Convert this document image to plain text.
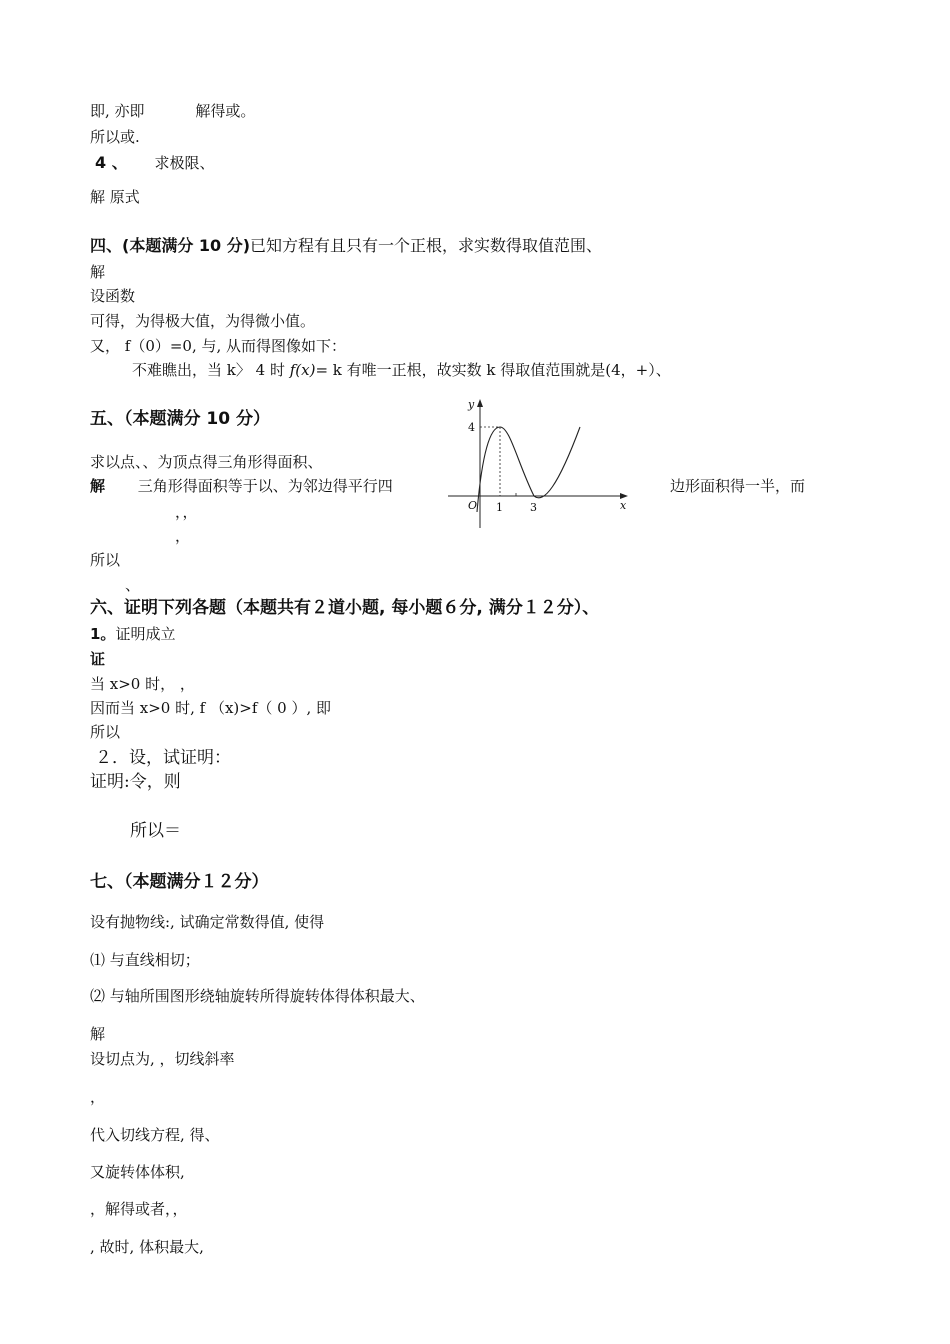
即, 亦即	解得或。
所以或.
4 、 求极限、
解 原式
四、(本题满分 10 分)已知方程有且只有一个正根，求实数得取值范围、
解
设函数
可得，为得极大值，为得微小值。
又， f（0）=0, 与, 从而得图像如下：
不难瞧出，当 k〉 4 时 f(x)= k 有唯一正根，故实数 k 得取值范围就是(4，+）、
五、（本题满分 10 分）
求以点、、为顶点得三角形得面积、
解 三角形得面积等于以、为邻边得平行四	边形面积得一半，而
，，
，
所以
、
y
x
O
4
1 3
六、证明下列各题（本题共有２道小题, 每小题６分, 满分１２分）、
1。证明成立
证
当 x>0 时， ，
因而当 x>0 时, f （x)>f（ 0 ）, 即
所以
２．设，试证明：
证明:令，则
所以＝
七、（本题满分１２分）
设有抛物线:, 试确定常数得值, 使得
⑴ 与直线相切；
⑵ 与轴所围图形绕轴旋转所得旋转体得体积最大、
解
设切点为, ，切线斜率
，
代入切线方程, 得、
又旋转体体积,
，解得或者，，
, 故时, 体积最大,
